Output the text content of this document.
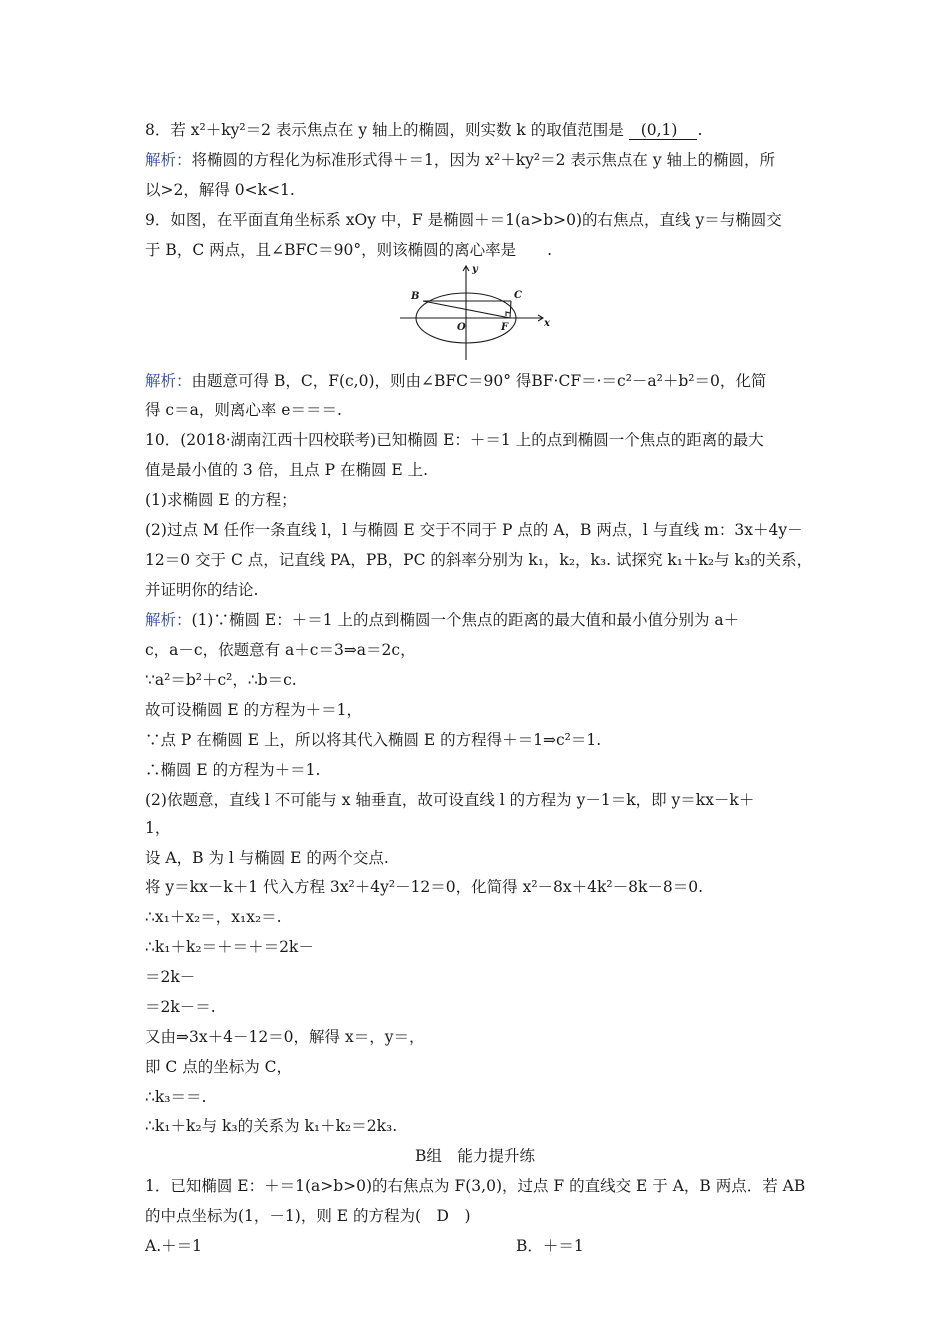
8．若 x²＋ky²＝2 表示焦点在 y 轴上的椭圆，则实数 k 的取值范围是 (0,1) .
解析：将椭圆的方程化为标准形式得＋＝1，因为 x²＋ky²＝2 表示焦点在 y 轴上的椭圆，所
以>2，解得 0<k<1.
9．如图，在平面直角坐标系 xOy 中，F 是椭圆＋＝1(a>b>0)的右焦点，直线 y＝与椭圆交
于 B，C 两点，且∠BFC＝90°，则该椭圆的离心率是　　.
y
x
B	C
O	F
解析：由题意可得 B，C，F(c,0)，则由∠BFC＝90° 得BF·CF＝·＝c²－a²＋b²＝0，化简
得 c＝a，则离心率 e＝＝＝.
10．(2018·湖南江西十四校联考)已知椭圆 E：＋＝1 上的点到椭圆一个焦点的距离的最大
值是最小值的 3 倍，且点 P 在椭圆 E 上.
(1)求椭圆 E 的方程；
(2)过点 M 任作一条直线 l，l 与椭圆 E 交于不同于 P 点的 A，B 两点，l 与直线 m：3x＋4y－
12＝0 交于 C 点，记直线 PA，PB，PC 的斜率分别为 k₁，k₂，k₃. 试探究 k₁＋k₂与 k₃的关系，
并证明你的结论.
解析：(1)∵椭圆 E：＋＝1 上的点到椭圆一个焦点的距离的最大值和最小值分别为 a＋
c，a－c，依题意有 a＋c＝3⇒a＝2c，
∵a²＝b²＋c²，∴b＝c.
故可设椭圆 E 的方程为＋＝1，
∵点 P 在椭圆 E 上，所以将其代入椭圆 E 的方程得＋＝1⇒c²＝1.
∴椭圆 E 的方程为＋＝1.
(2)依题意，直线 l 不可能与 x 轴垂直，故可设直线 l 的方程为 y－1＝k，即 y＝kx－k＋
1，
设 A，B 为 l 与椭圆 E 的两个交点.
将 y＝kx－k＋1 代入方程 3x²＋4y²－12＝0，化简得 x²－8x＋4k²－8k－8＝0.
∴x₁＋x₂＝，x₁x₂＝.
∴k₁＋k₂＝＋＝＋＝2k－
＝2k－
＝2k－＝.
又由⇒3x＋4－12＝0，解得 x＝，y＝，
即 C 点的坐标为 C，
∴k₃＝＝.
∴k₁＋k₂与 k₃的关系为 k₁＋k₂＝2k₃.
B组　能力提升练
1．已知椭圆 E：＋＝1(a>b>0)的右焦点为 F(3,0)，过点 F 的直线交 E 于 A，B 两点．若 AB
的中点坐标为(1，－1)，则 E 的方程为(　D　)
A.＋＝1	B．＋＝1
